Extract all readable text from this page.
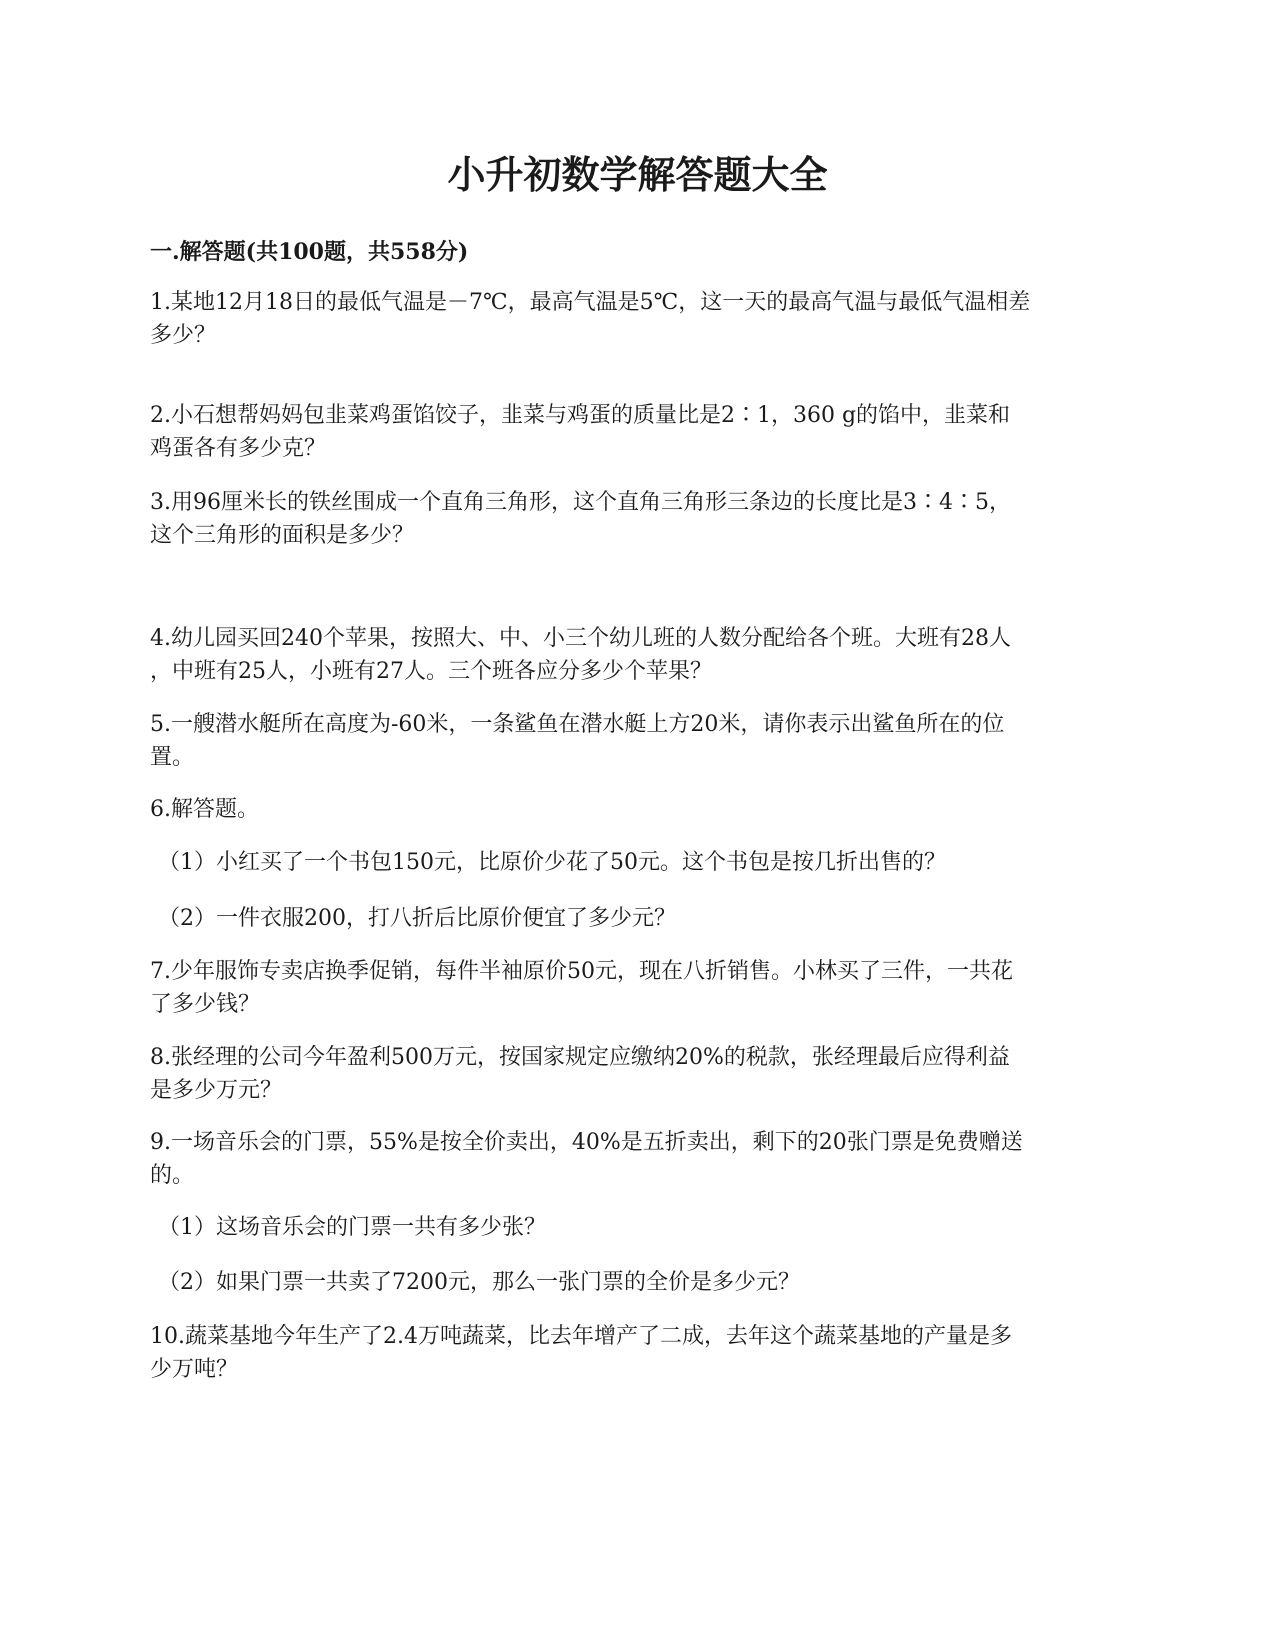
小升初数学解答题大全
一.解答题(共100题，共558分)
1.某地12月18日的最低气温是－7℃，最高气温是5℃，这一天的最高气温与最低气温相差
多少？
2.小石想帮妈妈包韭菜鸡蛋馅饺子，韭菜与鸡蛋的质量比是2∶1，360 g的馅中，韭菜和
鸡蛋各有多少克？
3.用96厘米长的铁丝围成一个直角三角形，这个直角三角形三条边的长度比是3∶4∶5，
这个三角形的面积是多少？
4.幼儿园买回240个苹果，按照大、中、小三个幼儿班的人数分配给各个班。大班有28人
，中班有25人，小班有27人。三个班各应分多少个苹果？
5.一艘潜水艇所在高度为-60米，一条鲨鱼在潜水艇上方20米，请你表示出鲨鱼所在的位
置。
6.解答题。
（1）小红买了一个书包150元，比原价少花了50元。这个书包是按几折出售的？
（2）一件衣服200，打八折后比原价便宜了多少元？
7.少年服饰专卖店换季促销，每件半袖原价50元，现在八折销售。小林买了三件，一共花
了多少钱？
8.张经理的公司今年盈利500万元，按国家规定应缴纳20%的税款，张经理最后应得利益
是多少万元？
9.一场音乐会的门票，55%是按全价卖出，40%是五折卖出，剩下的20张门票是免费赠送
的。
（1）这场音乐会的门票一共有多少张？
（2）如果门票一共卖了7200元，那么一张门票的全价是多少元？
10.蔬菜基地今年生产了2.4万吨蔬菜，比去年增产了二成，去年这个蔬菜基地的产量是多
少万吨？
